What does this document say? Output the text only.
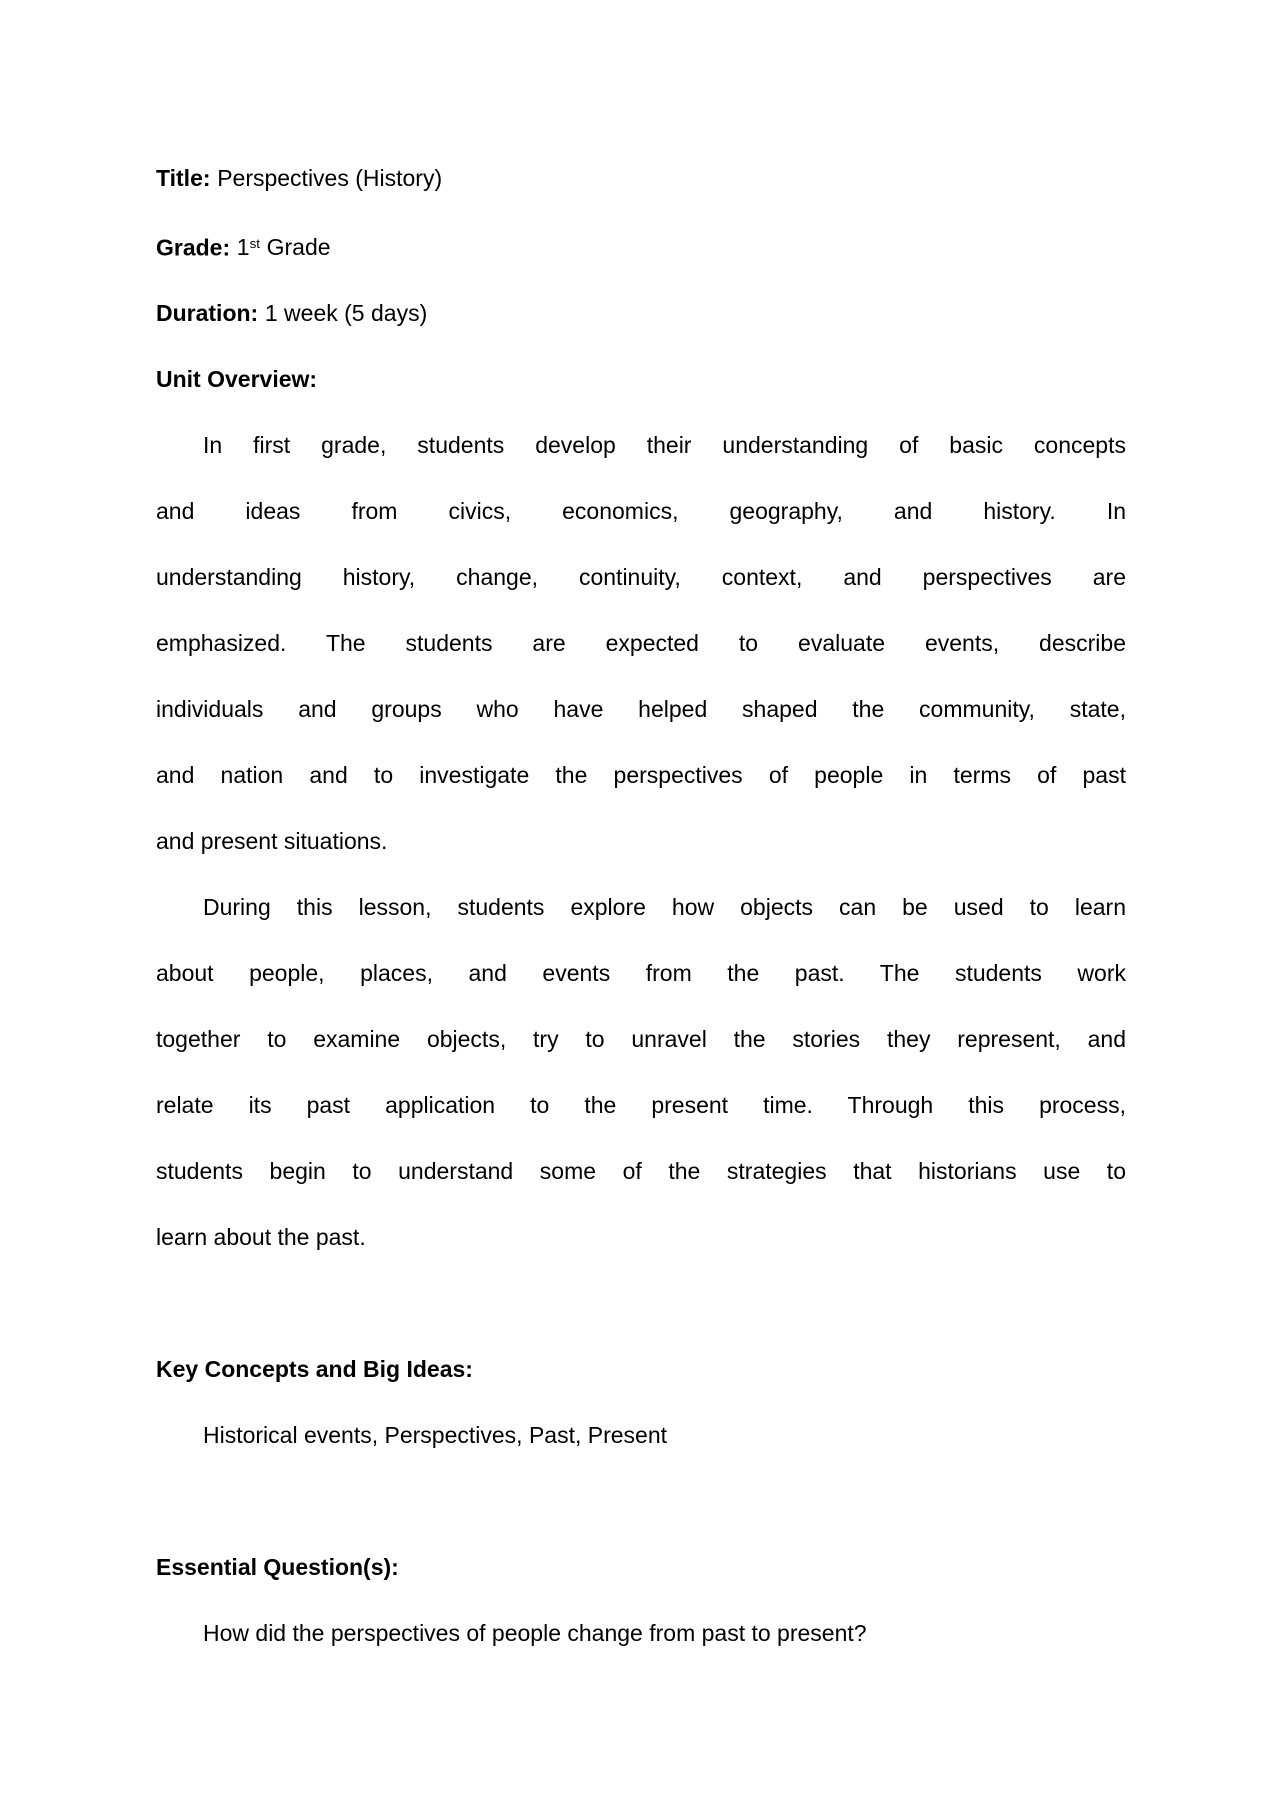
Title: Perspectives (History)
Grade: 1st Grade
Duration: 1 week (5 days)
Unit Overview:
In first grade, students develop their understanding of basic concepts
and ideas from civics, economics, geography, and history. In
understanding history, change, continuity, context, and perspectives are
emphasized. The students are expected to evaluate events, describe
individuals and groups who have helped shaped the community, state,
and nation and to investigate the perspectives of people in terms of past
and present situations.
During this lesson, students explore how objects can be used to learn
about people, places, and events from the past. The students work
together to examine objects, try to unravel the stories they represent, and
relate its past application to the present time. Through this process,
students begin to understand some of the strategies that historians use to
learn about the past.
Key Concepts and Big Ideas:
Historical events, Perspectives, Past, Present
Essential Question(s):
How did the perspectives of people change from past to present?
